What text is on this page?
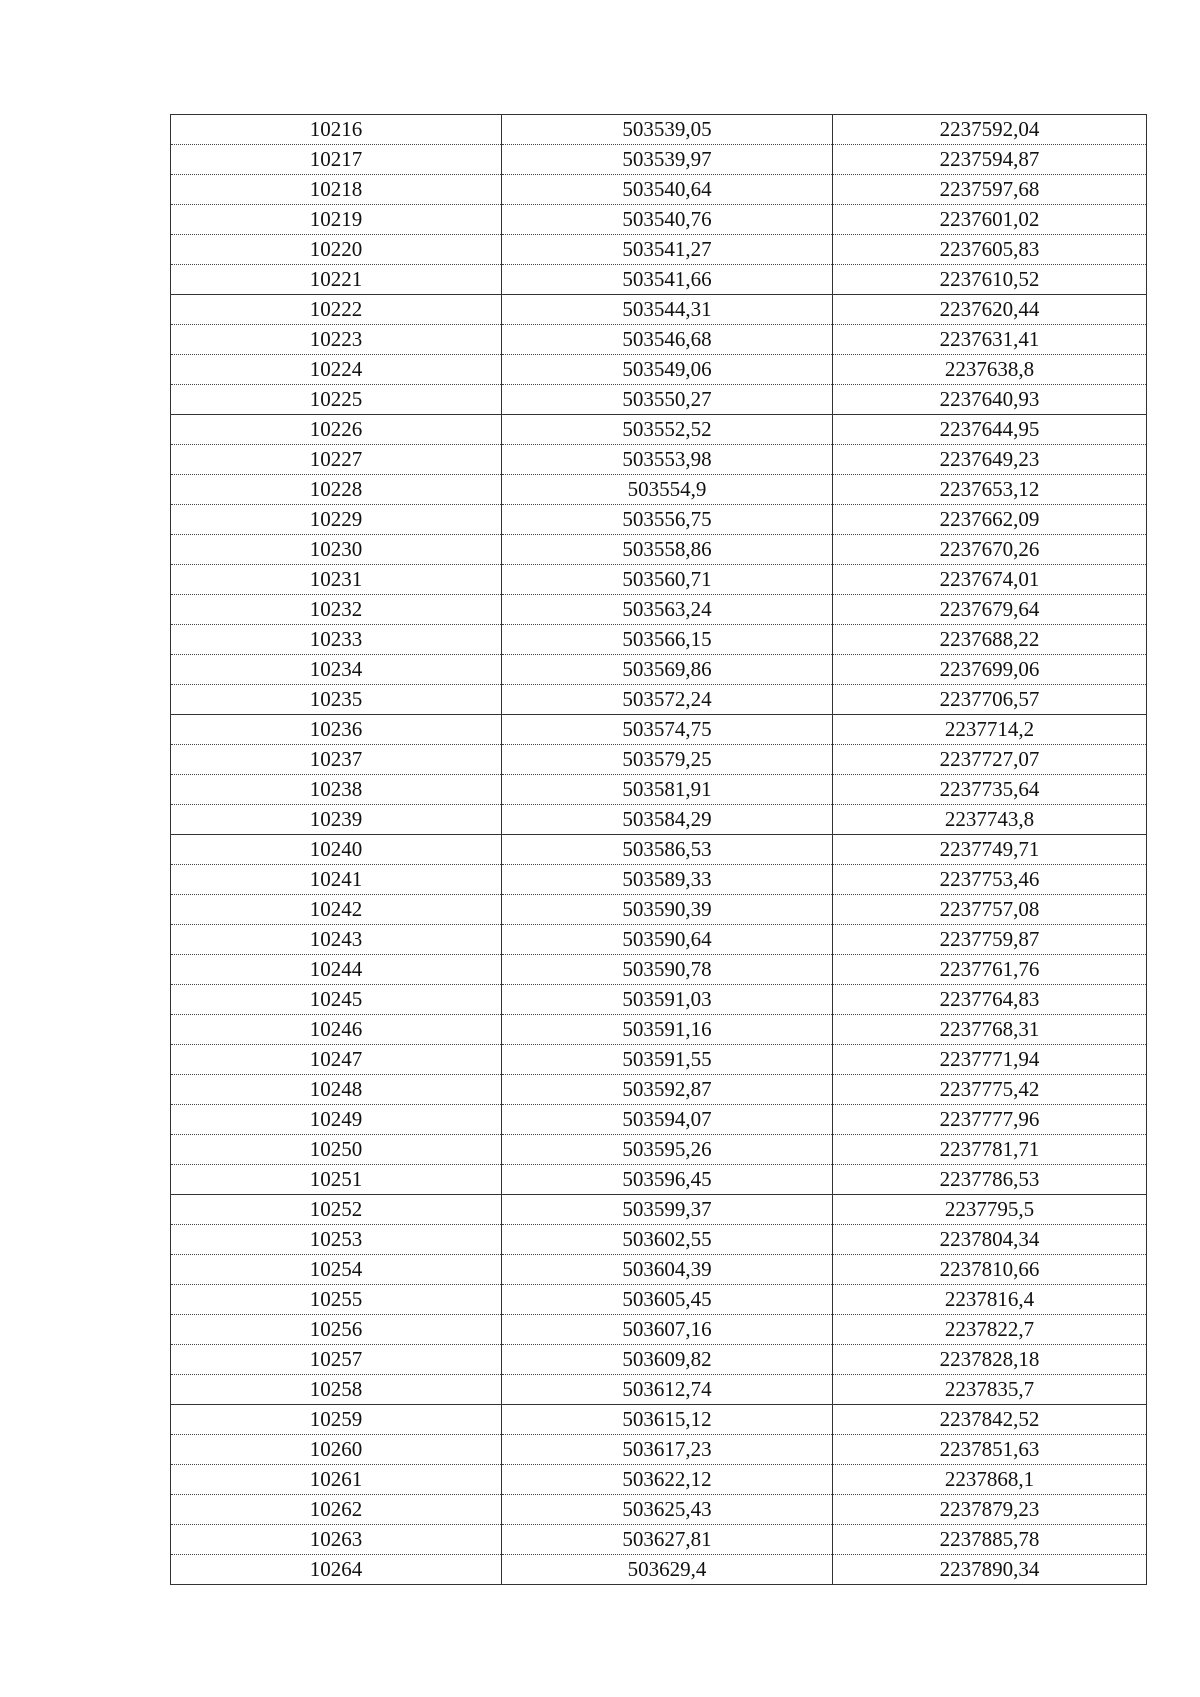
10216	503539,05	2237592,04
10217	503539,97	2237594,87
10218	503540,64	2237597,68
10219	503540,76	2237601,02
10220	503541,27	2237605,83
10221	503541,66	2237610,52
10222	503544,31	2237620,44
10223	503546,68	2237631,41
10224	503549,06	2237638,8
10225	503550,27	2237640,93
10226	503552,52	2237644,95
10227	503553,98	2237649,23
10228	503554,9	2237653,12
10229	503556,75	2237662,09
10230	503558,86	2237670,26
10231	503560,71	2237674,01
10232	503563,24	2237679,64
10233	503566,15	2237688,22
10234	503569,86	2237699,06
10235	503572,24	2237706,57
10236	503574,75	2237714,2
10237	503579,25	2237727,07
10238	503581,91	2237735,64
10239	503584,29	2237743,8
10240	503586,53	2237749,71
10241	503589,33	2237753,46
10242	503590,39	2237757,08
10243	503590,64	2237759,87
10244	503590,78	2237761,76
10245	503591,03	2237764,83
10246	503591,16	2237768,31
10247	503591,55	2237771,94
10248	503592,87	2237775,42
10249	503594,07	2237777,96
10250	503595,26	2237781,71
10251	503596,45	2237786,53
10252	503599,37	2237795,5
10253	503602,55	2237804,34
10254	503604,39	2237810,66
10255	503605,45	2237816,4
10256	503607,16	2237822,7
10257	503609,82	2237828,18
10258	503612,74	2237835,7
10259	503615,12	2237842,52
10260	503617,23	2237851,63
10261	503622,12	2237868,1
10262	503625,43	2237879,23
10263	503627,81	2237885,78
10264	503629,4	2237890,34
